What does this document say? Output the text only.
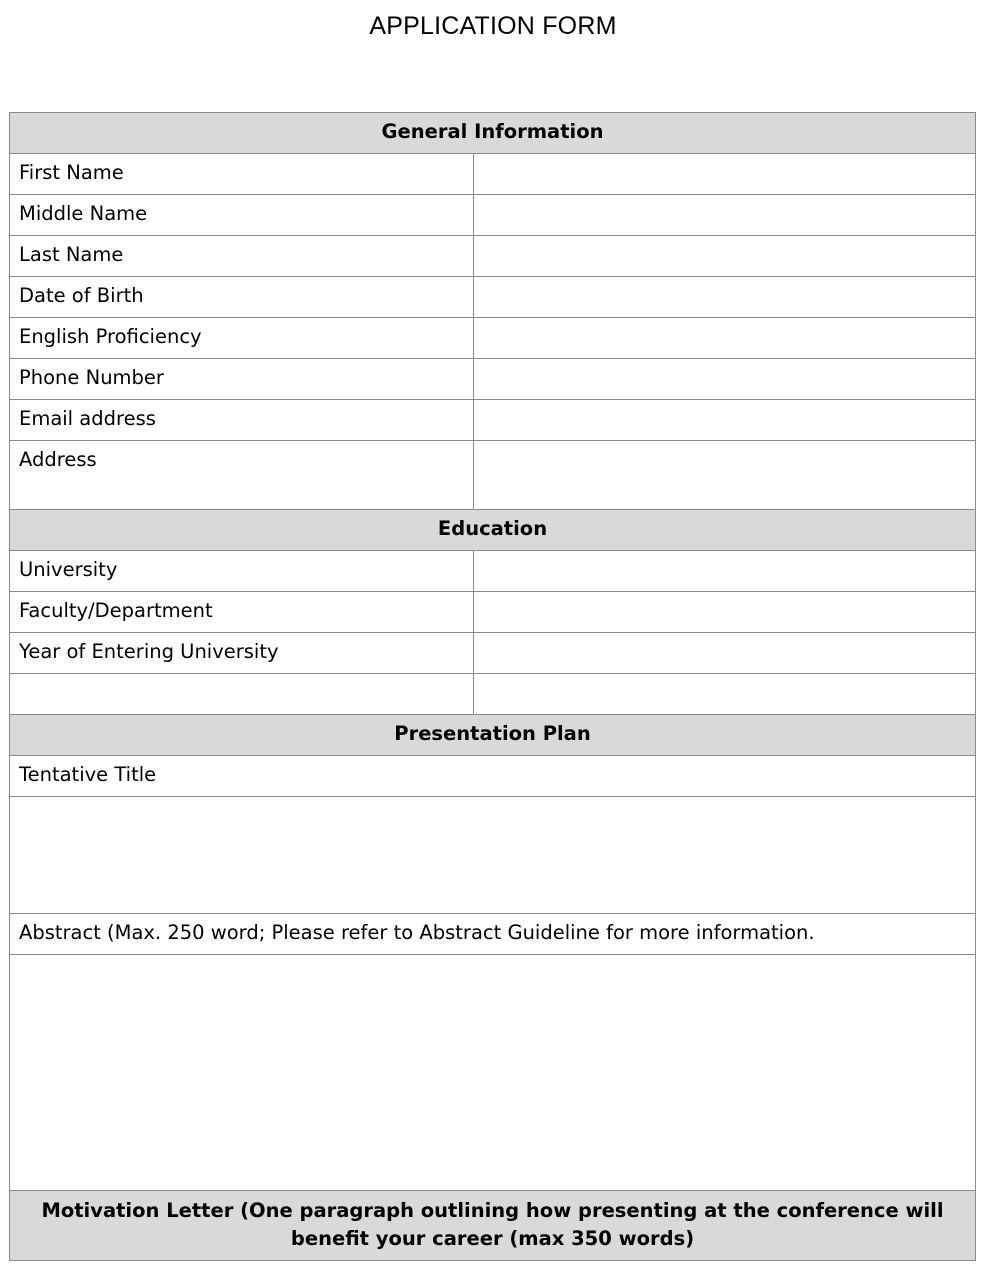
APPLICATION FORM
General Information	
First Name	
Middle Name	
Last Name	
Date of Birth	
English Proficiency	
Phone Number	
Email address	
Address	
Education	
University	
Faculty/Department	
Year of Entering University	

Presentation Plan	
Tentative Title	

Abstract (Max. 250 word; Please refer to Abstract Guideline for more information.	

Motivation Letter (One paragraph outlining how presenting at the conference will benefit your career (max 350 words)	
